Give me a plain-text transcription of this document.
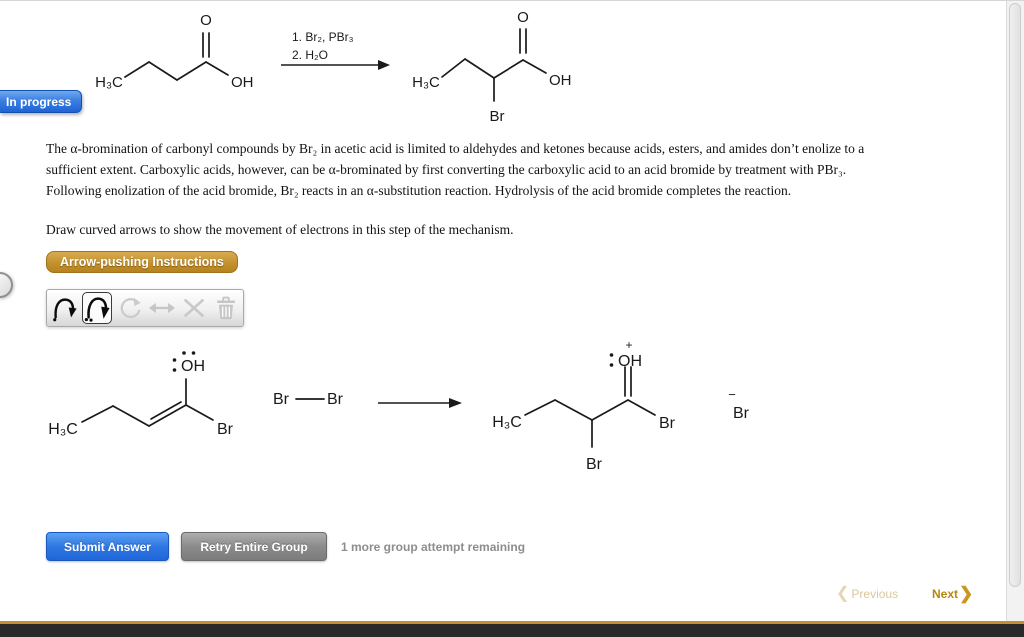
In progress
H₃C
O
OH
1. Br₂, PBr₃
2. H₂O
H₃C
Br
O
OH
The α-bromination of carbonyl compounds by Br₂ in acetic acid is limited to aldehydes and ketones because acids, esters, and amides don’t enolize to a
sufficient extent. Carboxylic acids, however, can be α-brominated by first converting the carboxylic acid to an acid bromide by treatment with PBr₃.
Following enolization of the acid bromide, Br₂ reacts in an α-substitution reaction. Hydrolysis of the acid bromide completes the reaction.
Draw curved arrows to show the movement of electrons in this step of the mechanism.
Arrow-pushing Instructions
H₃C
OH
Br
Br Br
H₃C
OH
+
Br
Br
−
Br
Submit Answer	Retry Entire Group	1 more group attempt remaining
❮ Previous	Next ❯
